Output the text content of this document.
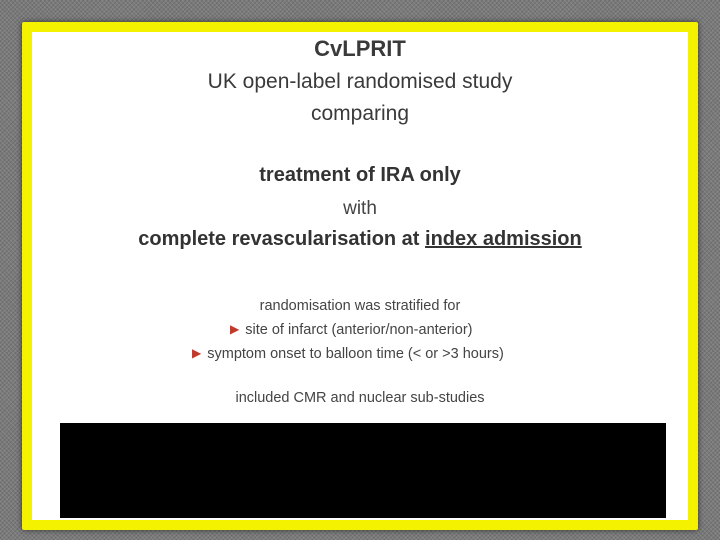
CvLPRIT
UK open-label randomised study
comparing
treatment of IRA only
with
complete revascularisation at index admission
randomisation was stratified for
▶ site of infarct (anterior/non-anterior)
▶ symptom onset to balloon time (< or >3 hours)
included CMR and nuclear sub-studies
